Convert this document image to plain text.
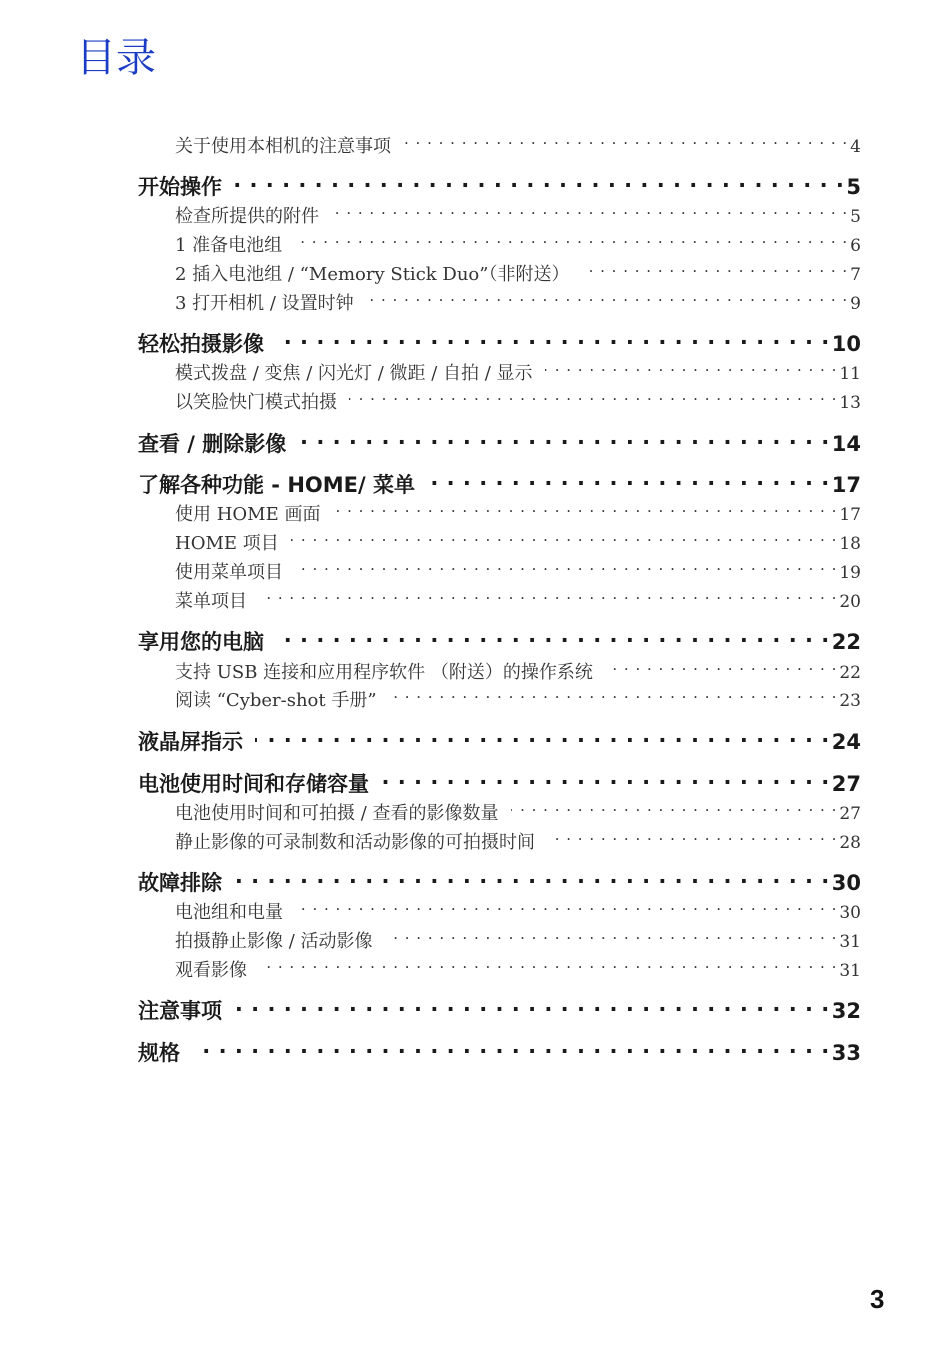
目录
关于使用本相机的注意事项 . . .	4
开始操作 . . .	5
检查所提供的附件 . . .	5
1 准备电池组 . . .	6
2 插入电池组 / “Memory Stick Duo”（非附送） . . .	7
3 打开相机 / 设置时钟 . . .	9
轻松拍摄影像 . . .	10
模式拨盘 / 变焦 / 闪光灯 / 微距 / 自拍 / 显示 . . .	11
以笑脸快门模式拍摄 . . .	13
查看 / 删除影像 . . .	14
了解各种功能 - HOME/ 菜单 . . .	17
使用 HOME 画面 . . .	17
HOME 项目 . . .	18
使用菜单项目 . . .	19
菜单项目 . . .	20
享用您的电脑 . . .	22
支持 USB 连接和应用程序软件 （附送）的操作系统 . . .	22
阅读 “Cyber-shot 手册” . . .	23
液晶屏指示 . . .	24
电池使用时间和存储容量 . . .	27
电池使用时间和可拍摄 / 查看的影像数量 . . .	27
静止影像的可录制数和活动影像的可拍摄时间 . . .	28
故障排除 . . .	30
电池组和电量 . . .	30
拍摄静止影像 / 活动影像 . . .	31
观看影像 . . .	31
注意事项 . . .	32
规格 . . .	33
3
